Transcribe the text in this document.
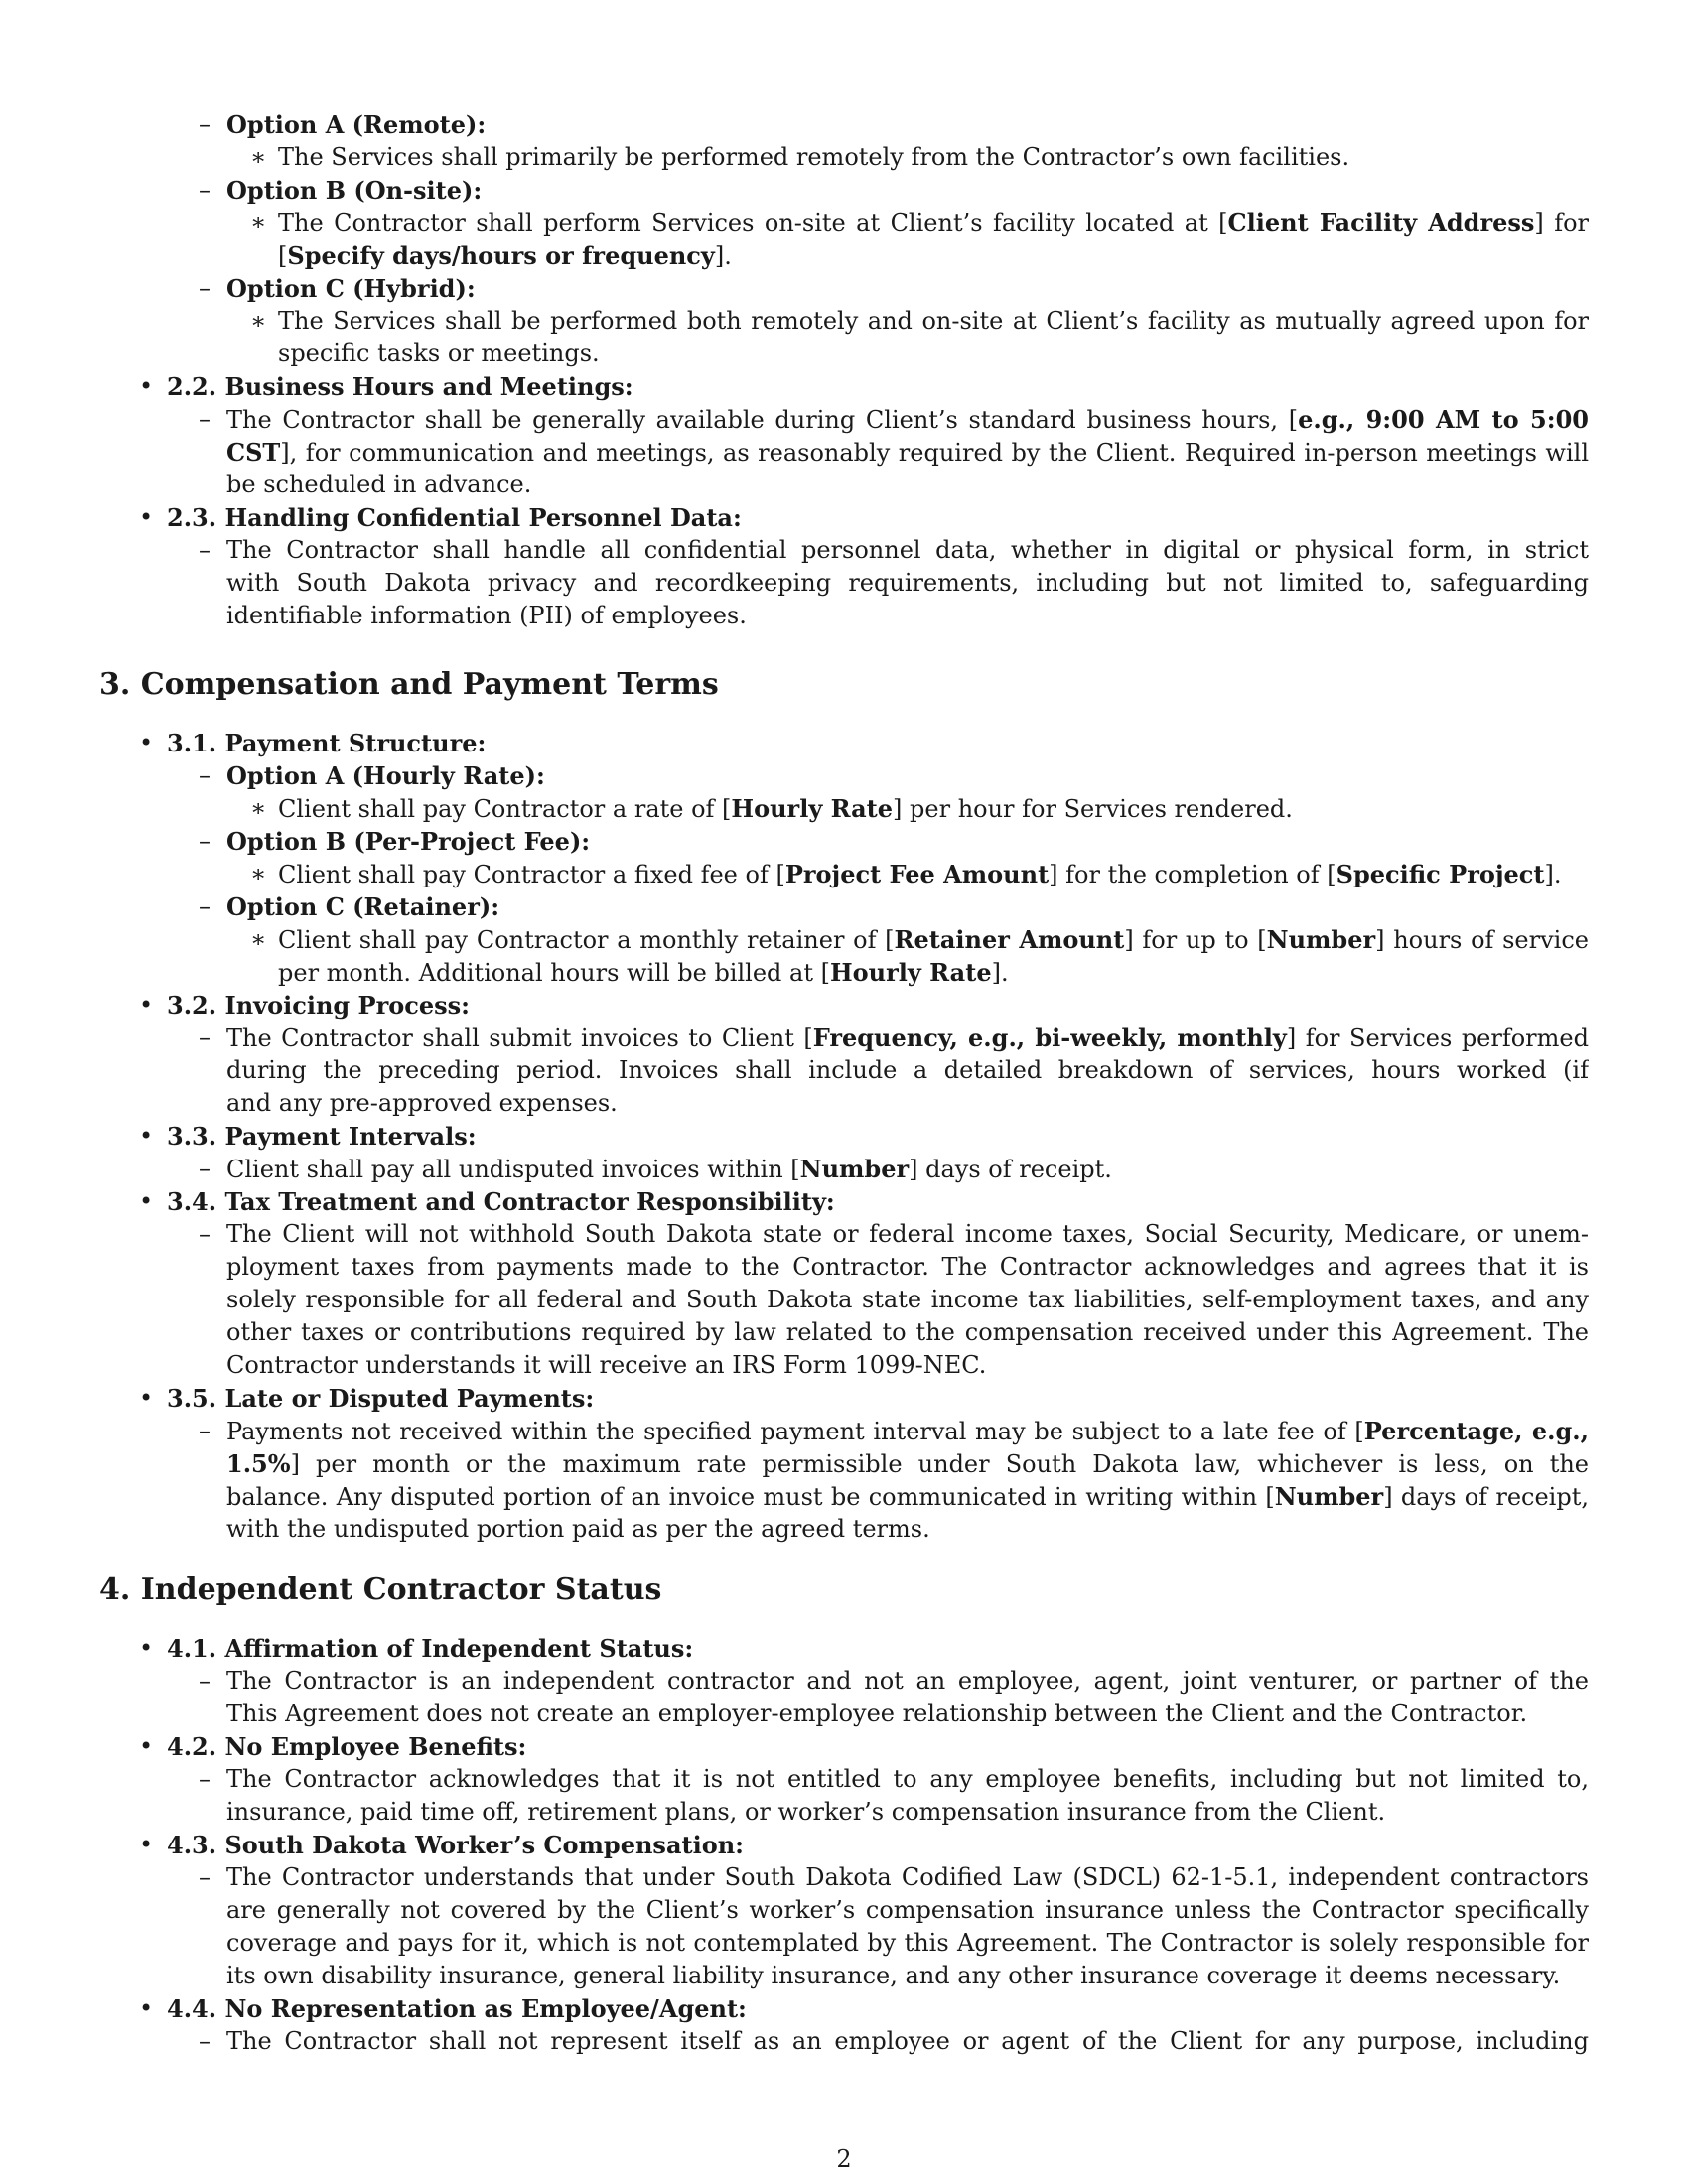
3. Compensation and Payment Terms
4. Independent Contractor Status
2
– Option A (Remote):
∗ The Services shall primarily be performed remotely from the Contractor’s own facilities.
– Option B (On-site):
∗ The Contractor shall perform Services on-site at Client’s facility located at [Client Facility Address] for
[Specify days/hours or frequency].
– Option C (Hybrid):
∗ The Services shall be performed both remotely and on-site at Client’s facility as mutually agreed upon for
specific tasks or meetings.
• 2.2. Business Hours and Meetings:
– The Contractor shall be generally available during Client’s standard business hours, [e.g., 9:00 AM to 5:00
CST], for communication and meetings, as reasonably required by the Client. Required in-person meetings will
be scheduled in advance.
• 2.3. Handling Confidential Personnel Data:
– The Contractor shall handle all confidential personnel data, whether in digital or physical form, in strict
with South Dakota privacy and recordkeeping requirements, including but not limited to, safeguarding
identifiable information (PII) of employees.
• 3.1. Payment Structure:
– Option A (Hourly Rate):
∗ Client shall pay Contractor a rate of [Hourly Rate] per hour for Services rendered.
– Option B (Per-Project Fee):
∗ Client shall pay Contractor a fixed fee of [Project Fee Amount] for the completion of [Specific Project].
– Option C (Retainer):
∗ Client shall pay Contractor a monthly retainer of [Retainer Amount] for up to [Number] hours of service
per month. Additional hours will be billed at [Hourly Rate].
• 3.2. Invoicing Process:
– The Contractor shall submit invoices to Client [Frequency, e.g., bi-weekly, monthly] for Services performed
during the preceding period. Invoices shall include a detailed breakdown of services, hours worked (if
and any pre-approved expenses.
• 3.3. Payment Intervals:
– Client shall pay all undisputed invoices within [Number] days of receipt.
• 3.4. Tax Treatment and Contractor Responsibility:
– The Client will not withhold South Dakota state or federal income taxes, Social Security, Medicare, or unem-
ployment taxes from payments made to the Contractor. The Contractor acknowledges and agrees that it is
solely responsible for all federal and South Dakota state income tax liabilities, self-employment taxes, and any
other taxes or contributions required by law related to the compensation received under this Agreement. The
Contractor understands it will receive an IRS Form 1099-NEC.
• 3.5. Late or Disputed Payments:
– Payments not received within the specified payment interval may be subject to a late fee of [Percentage, e.g.,
1.5%] per month or the maximum rate permissible under South Dakota law, whichever is less, on the
balance. Any disputed portion of an invoice must be communicated in writing within [Number] days of receipt,
with the undisputed portion paid as per the agreed terms.
• 4.1. Affirmation of Independent Status:
– The Contractor is an independent contractor and not an employee, agent, joint venturer, or partner of the
This Agreement does not create an employer-employee relationship between the Client and the Contractor.
• 4.2. No Employee Benefits:
– The Contractor acknowledges that it is not entitled to any employee benefits, including but not limited to,
insurance, paid time off, retirement plans, or worker’s compensation insurance from the Client.
• 4.3. South Dakota Worker’s Compensation:
– The Contractor understands that under South Dakota Codified Law (SDCL) 62-1-5.1, independent contractors
are generally not covered by the Client’s worker’s compensation insurance unless the Contractor specifically
coverage and pays for it, which is not contemplated by this Agreement. The Contractor is solely responsible for
its own disability insurance, general liability insurance, and any other insurance coverage it deems necessary.
• 4.4. No Representation as Employee/Agent:
– The Contractor shall not represent itself as an employee or agent of the Client for any purpose, including
